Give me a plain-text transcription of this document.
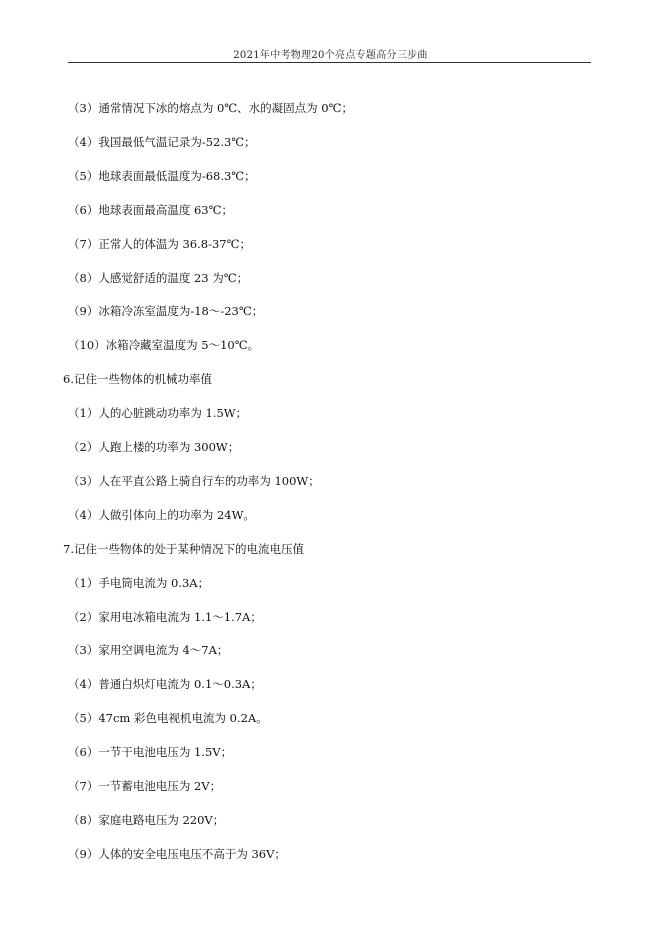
2021年中考物理20个亮点专题高分三步曲
（3）通常情况下冰的熔点为 0℃、水的凝固点为 0℃；
（4）我国最低气温记录为-52.3℃；
（5）地球表面最低温度为-68.3℃；
（6）地球表面最高温度 63℃；
（7）正常人的体温为 36.8-37℃；
（8）人感觉舒适的温度 23 为℃；
（9）冰箱冷冻室温度为-18～-23℃；
（10）冰箱冷藏室温度为 5～10℃。
6.记住一些物体的机械功率值
（1）人的心脏跳动功率为 1.5W；
（2）人跑上楼的功率为 300W；
（3）人在平直公路上骑自行车的功率为 100W；
（4）人做引体向上的功率为 24W。
7.记住一些物体的处于某种情况下的电流电压值
（1）手电筒电流为 0.3A；
（2）家用电冰箱电流为 1.1～1.7A；
（3）家用空调电流为 4～7A；
（4）普通白炽灯电流为 0.1～0.3A；
（5）47cm 彩色电视机电流为 0.2A。
（6）一节干电池电压为 1.5V；
（7）一节蓄电池电压为 2V；
（8）家庭电路电压为 220V；
（9）人体的安全电压电压不高于为 36V；
